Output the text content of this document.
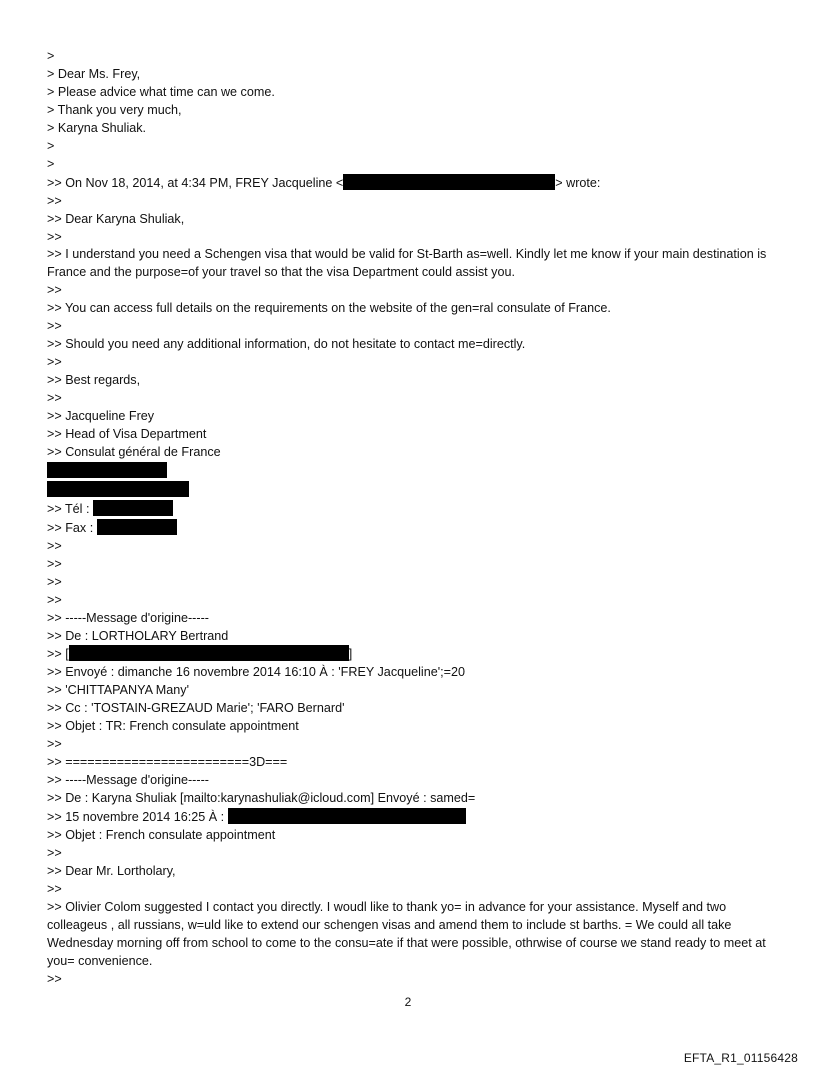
>
> Dear Ms. Frey,
> Please advice what time can we come.
> Thank you very much,
> Karyna Shuliak.
>
>
>> On Nov 18, 2014, at 4:34 PM, FREY Jacqueline <	> wrote:
>>
>> Dear Karyna Shuliak,
>>
>> I understand you need a Schengen visa that would be valid for St-Barth as=well. Kindly let me know if your main destination is France and the purpose=of your travel so that the visa Department could assist you.
>>
>> You can access full details on the requirements on the website of the gen=ral consulate of France.
>>
>> Should you need any additional information, do not hesitate to contact me=directly.
>>
>> Best regards,
>>
>> Jacqueline Frey
>> Head of Visa Department
>> Consulat général de France
>> Tél :
>> Fax :
>>
>>
>>
>>
>> -----Message d'origine-----
>> De : LORTHOLARY Bertrand
>> [	]
>> Envoyé : dimanche 16 novembre 2014 16:10 À : 'FREY Jacqueline';=20
>> 'CHITTAPANYA Many'
>> Cc : 'TOSTAIN-GREZAUD Marie'; 'FARO Bernard'
>> Objet : TR: French consulate appointment
>>
>> =========================3D===
>> -----Message d'origine-----
>> De : Karyna Shuliak [mailto:karynashuliak@icloud.com] Envoyé : samed=
>> 15 novembre 2014 16:25 À :
>> Objet : French consulate appointment
>>
>> Dear Mr. Lortholary,
>>
>> Olivier Colom suggested I contact you directly. I woudl like to thank yo= in advance for your assistance. Myself and two colleageus , all russians, w=uld like to extend our schengen visas and amend them to include st barths. = We could all take Wednesday morning off from school to come to the consu=ate if that were possible, othrwise of course we stand ready to meet at you= convenience.
>>
2
EFTA_R1_01156428
